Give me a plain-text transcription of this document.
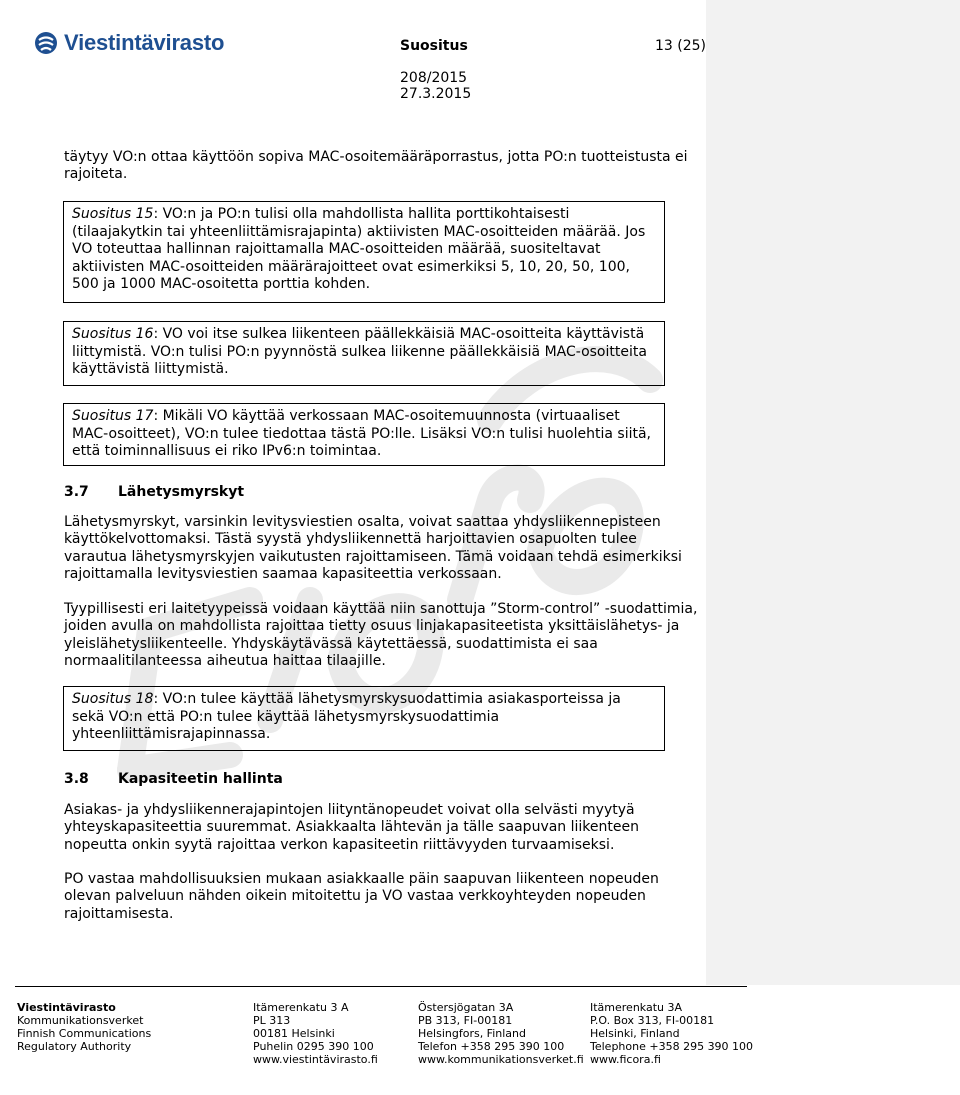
Viestintävirasto	Suositus	13 (25)
208/2015
27.3.2015
täytyy VO:n ottaa käyttöön sopiva MAC-osoitemääräporrastus, jotta PO:n tuotteistusta ei rajoiteta.
Suositus 15: VO:n ja PO:n tulisi olla mahdollista hallita porttikohtaisesti (tilaajakytkin tai yhteenliittämisrajapinta) aktiivisten MAC-osoitteiden määrää. Jos VO toteuttaa hallinnan rajoittamalla MAC-osoitteiden määrää, suositeltavat aktiivisten MAC-osoitteiden määrärajoitteet ovat esimerkiksi 5, 10, 20, 50, 100, 500 ja 1000 MAC-osoitetta porttia kohden.
Suositus 16: VO voi itse sulkea liikenteen päällekkäisiä MAC-osoitteita käyttävistä liittymistä. VO:n tulisi PO:n pyynnöstä sulkea liikenne päällekkäisiä MAC-osoitteita käyttävistä liittymistä.
Suositus 17: Mikäli VO käyttää verkossaan MAC-osoitemuunnosta (virtuaaliset MAC-osoitteet), VO:n tulee tiedottaa tästä PO:lle. Lisäksi VO:n tulisi huolehtia siitä, että toiminnallisuus ei riko IPv6:n toimintaa.
3.7 Lähetysmyrskyt
Lähetysmyrskyt, varsinkin levitysviestien osalta, voivat saattaa yhdysliikennepisteen käyttökelvottomaksi. Tästä syystä yhdysliikennettä harjoittavien osapuolten tulee varautua lähetysmyrskyjen vaikutusten rajoittamiseen. Tämä voidaan tehdä esimerkiksi rajoittamalla levitysviestien saamaa kapasiteettia verkossaan.
Tyypillisesti eri laitetyypeissä voidaan käyttää niin sanottuja ”Storm-control” -suodattimia, joiden avulla on mahdollista rajoittaa tietty osuus linjakapasiteetista yksittäislähetys- ja yleislähetysliikenteelle. Yhdyskäytävässä käytettäessä, suodattimista ei saa normaalitilanteessa aiheutua haittaa tilaajille.
Suositus 18: VO:n tulee käyttää lähetysmyrskysuodattimia asiakasporteissa ja sekä VO:n että PO:n tulee käyttää lähetysmyrskysuodattimia yhteenliittämisrajapinnassa.
3.8 Kapasiteetin hallinta
Asiakas- ja yhdysliikennerajapintojen liityntänopeudet voivat olla selvästi myytyä yhteyskapasiteettia suuremmat. Asiakkaalta lähtevän ja tälle saapuvan liikenteen nopeutta onkin syytä rajoittaa verkon kapasiteetin riittävyyden turvaamiseksi.
PO vastaa mahdollisuuksien mukaan asiakkaalle päin saapuvan liikenteen nopeuden olevan palveluun nähden oikein mitoitettu ja VO vastaa verkkoyhteyden nopeuden rajoittamisesta.
Viestintävirasto
Kommunikationsverket
Finnish Communications
Regulatory Authority
Itämerenkatu 3 A
PL 313
00181 Helsinki
Puhelin 0295 390 100
www.viestintävirasto.fi
Östersjögatan 3A
PB 313, FI-00181
Helsingfors, Finland
Telefon +358 295 390 100
www.kommunikationsverket.fi
Itämerenkatu 3A
P.O. Box 313, FI-00181
Helsinki, Finland
Telephone +358 295 390 100
www.ficora.fi
